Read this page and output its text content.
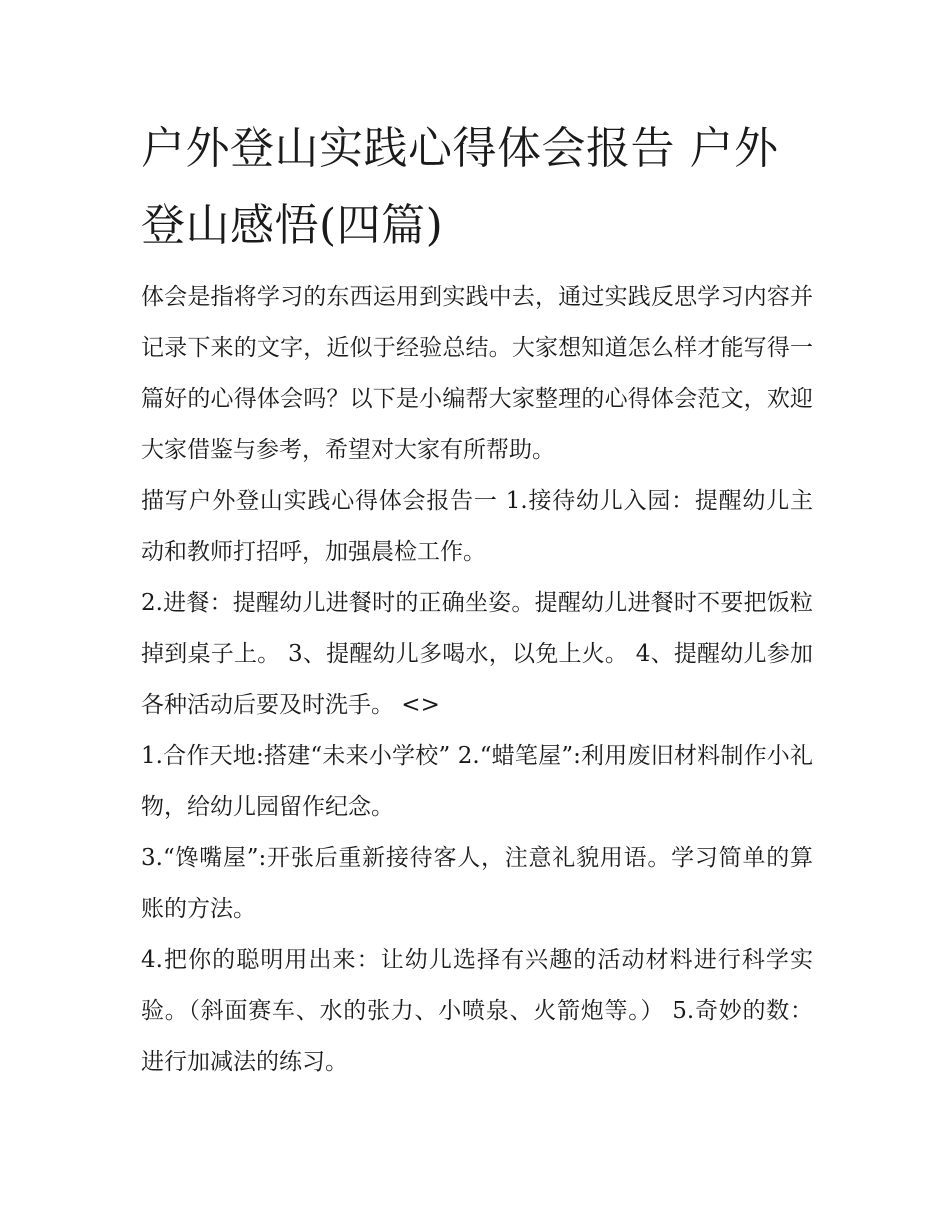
户外登山实践心得体会报告 户外登山感悟(四篇)

体会是指将学习的东西运用到实践中去，通过实践反思学习内容并记录下来的文字，近似于经验总结。大家想知道怎么样才能写得一篇好的心得体会吗？以下是小编帮大家整理的心得体会范文，欢迎大家借鉴与参考，希望对大家有所帮助。

描写户外登山实践心得体会报告一 1.接待幼儿入园：提醒幼儿主动和教师打招呼，加强晨检工作。

2.进餐：提醒幼儿进餐时的正确坐姿。提醒幼儿进餐时不要把饭粒掉到桌子上。 3、提醒幼儿多喝水，以免上火。 4、提醒幼儿参加各种活动后要及时洗手。 <>

1.合作天地:搭建“未来小学校” 2.“蜡笔屋”:利用废旧材料制作小礼物，给幼儿园留作纪念。

3.“馋嘴屋”:开张后重新接待客人，注意礼貌用语。学习简单的算账的方法。

4.把你的聪明用出来：让幼儿选择有兴趣的活动材料进行科学实验。（斜面赛车、水的张力、小喷泉、火箭炮等。） 5.奇妙的数：进行加减法的练习。
